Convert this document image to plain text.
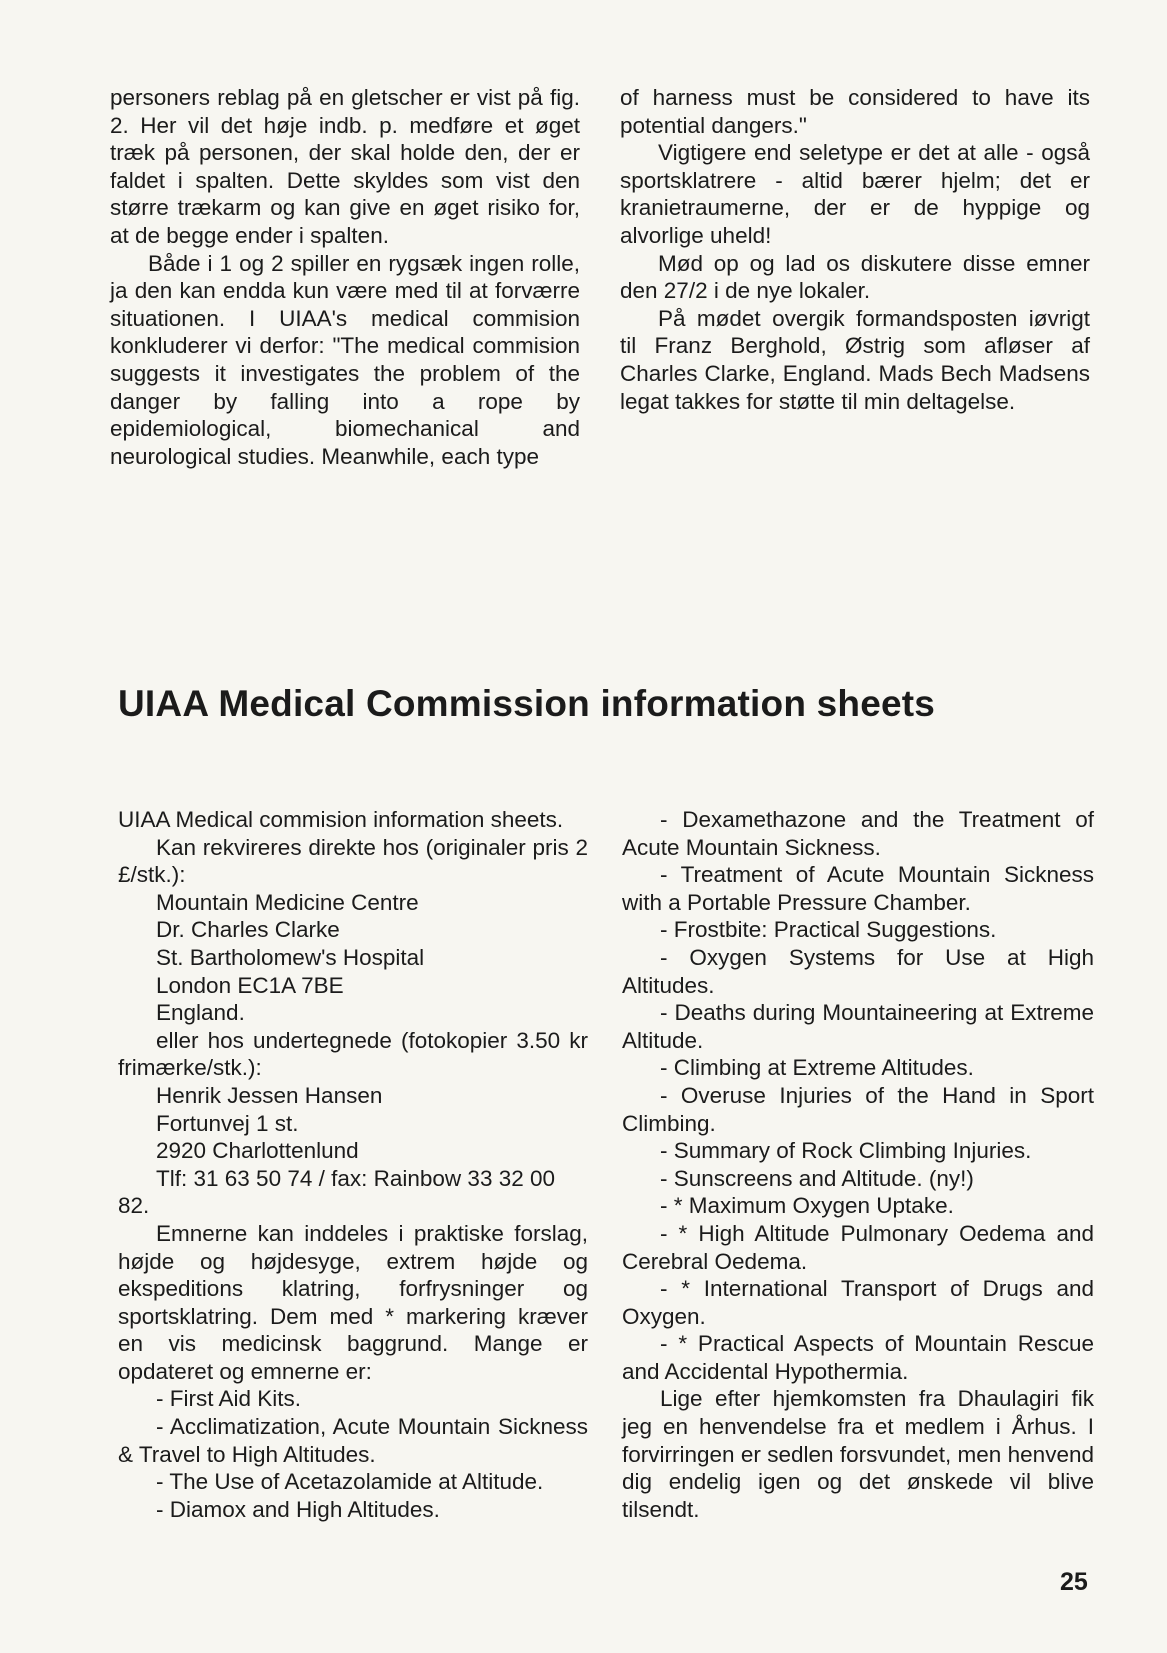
personers reblag på en gletscher er vist på fig. 2. Her vil det høje indb. p. medføre et øget træk på personen, der skal holde den, der er faldet i spalten. Dette skyldes som vist den større trækarm og kan give en øget risiko for, at de begge ender i spalten.

Både i 1 og 2 spiller en rygsæk ingen rolle, ja den kan endda kun være med til at forværre situationen. I UIAA's medical commision konkluderer vi derfor: "The medical commision suggests it investigates the problem of the danger by falling into a rope by epidemiological, biomechanical and neurological studies. Meanwhile, each type

of harness must be considered to have its potential dangers."

Vigtigere end seletype er det at alle - også sportsklatrere - altid bærer hjelm; det er kranietraumerne, der er de hyppige og alvorlige uheld!

Mød op og lad os diskutere disse emner den 27/2 i de nye lokaler.

På mødet overgik formandsposten iøvrigt til Franz Berghold, Østrig som afløser af Charles Clarke, England. Mads Bech Madsens legat takkes for støtte til min deltagelse.

UIAA Medical Commission information sheets

UIAA Medical commision information sheets.

Kan rekvireres direkte hos (originaler pris 2 £/stk.):

Mountain Medicine Centre

Dr. Charles Clarke

St. Bartholomew's Hospital

London EC1A 7BE

England.

eller hos undertegnede (fotokopier 3.50 kr frimærke/stk.):

Henrik Jessen Hansen

Fortunvej 1 st.

2920 Charlottenlund

Tlf: 31 63 50 74 / fax: Rainbow 33 32 00 82.

Emnerne kan inddeles i praktiske forslag, højde og højdesyge, extrem højde og ekspeditions klatring, forfrysninger og sportsklatring. Dem med * markering kræver en vis medicinsk baggrund. Mange er opdateret og emnerne er:

- First Aid Kits.

- Acclimatization, Acute Mountain Sickness & Travel to High Altitudes.

- The Use of Acetazolamide at Altitude.

- Diamox and High Altitudes.

- Dexamethazone and the Treatment of Acute Mountain Sickness.

- Treatment of Acute Mountain Sickness with a Portable Pressure Chamber.

- Frostbite: Practical Suggestions.

- Oxygen Systems for Use at High Altitudes.

- Deaths during Mountaineering at Extreme Altitude.

- Climbing at Extreme Altitudes.

- Overuse Injuries of the Hand in Sport Climbing.

- Summary of Rock Climbing Injuries.

- Sunscreens and Altitude. (ny!)

- * Maximum Oxygen Uptake.

- * High Altitude Pulmonary Oedema and Cerebral Oedema.

- * International Transport of Drugs and Oxygen.

- * Practical Aspects of Mountain Rescue and Accidental Hypothermia.

Lige efter hjemkomsten fra Dhaulagiri fik jeg en henvendelse fra et medlem i Århus. I forvirringen er sedlen forsvundet, men henvend dig endelig igen og det ønskede vil blive tilsendt.

25
